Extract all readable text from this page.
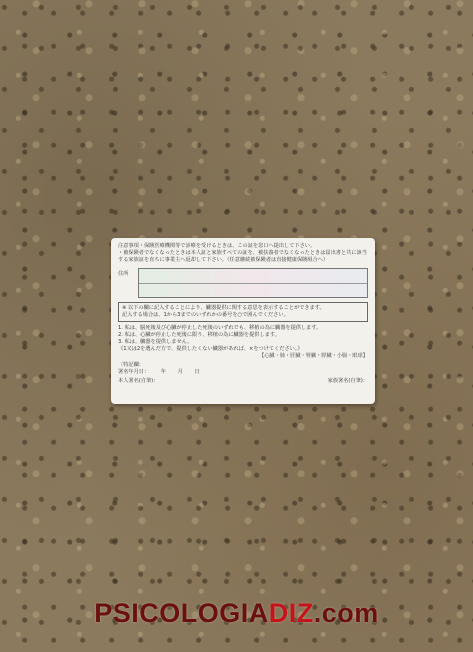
注意事項・保険医療機関等で診療を受けるときは、この証を窓口へ提出して下さい。
・被保険者でなくなったときは本人証と家族すべての証を、被扶養者でなくなったときは届出書と共に該当する家族証を直ちに事業主へ返却して下さい。（任意継続被保険者は直接健康保険組合へ）
住所
※ 以下の欄に記入することにより、臓器提供に関する意思を表示することができます。
記入する場合は、1から3までのいずれかの番号を○で囲んでください。
1. 私は、脳死後及び心臓が停止した死後のいずれでも、移植の為に臓器を提供します。
2. 私は、心臓が停止した死後に限り、移植の為に臓器を提供します。
3. 私は、臓器を提供しません。
《1又は2を選んだ方で、提供したくない臓器があれば、×をつけてください。》
【心臓・肺・肝臓・腎臓・膵臓・小腸・眼球】
〔特記欄：
署名年月日： 年 月 日
本人署名(自筆)：	家族署名(自筆)：
PSICOLOGIADIZ.com
